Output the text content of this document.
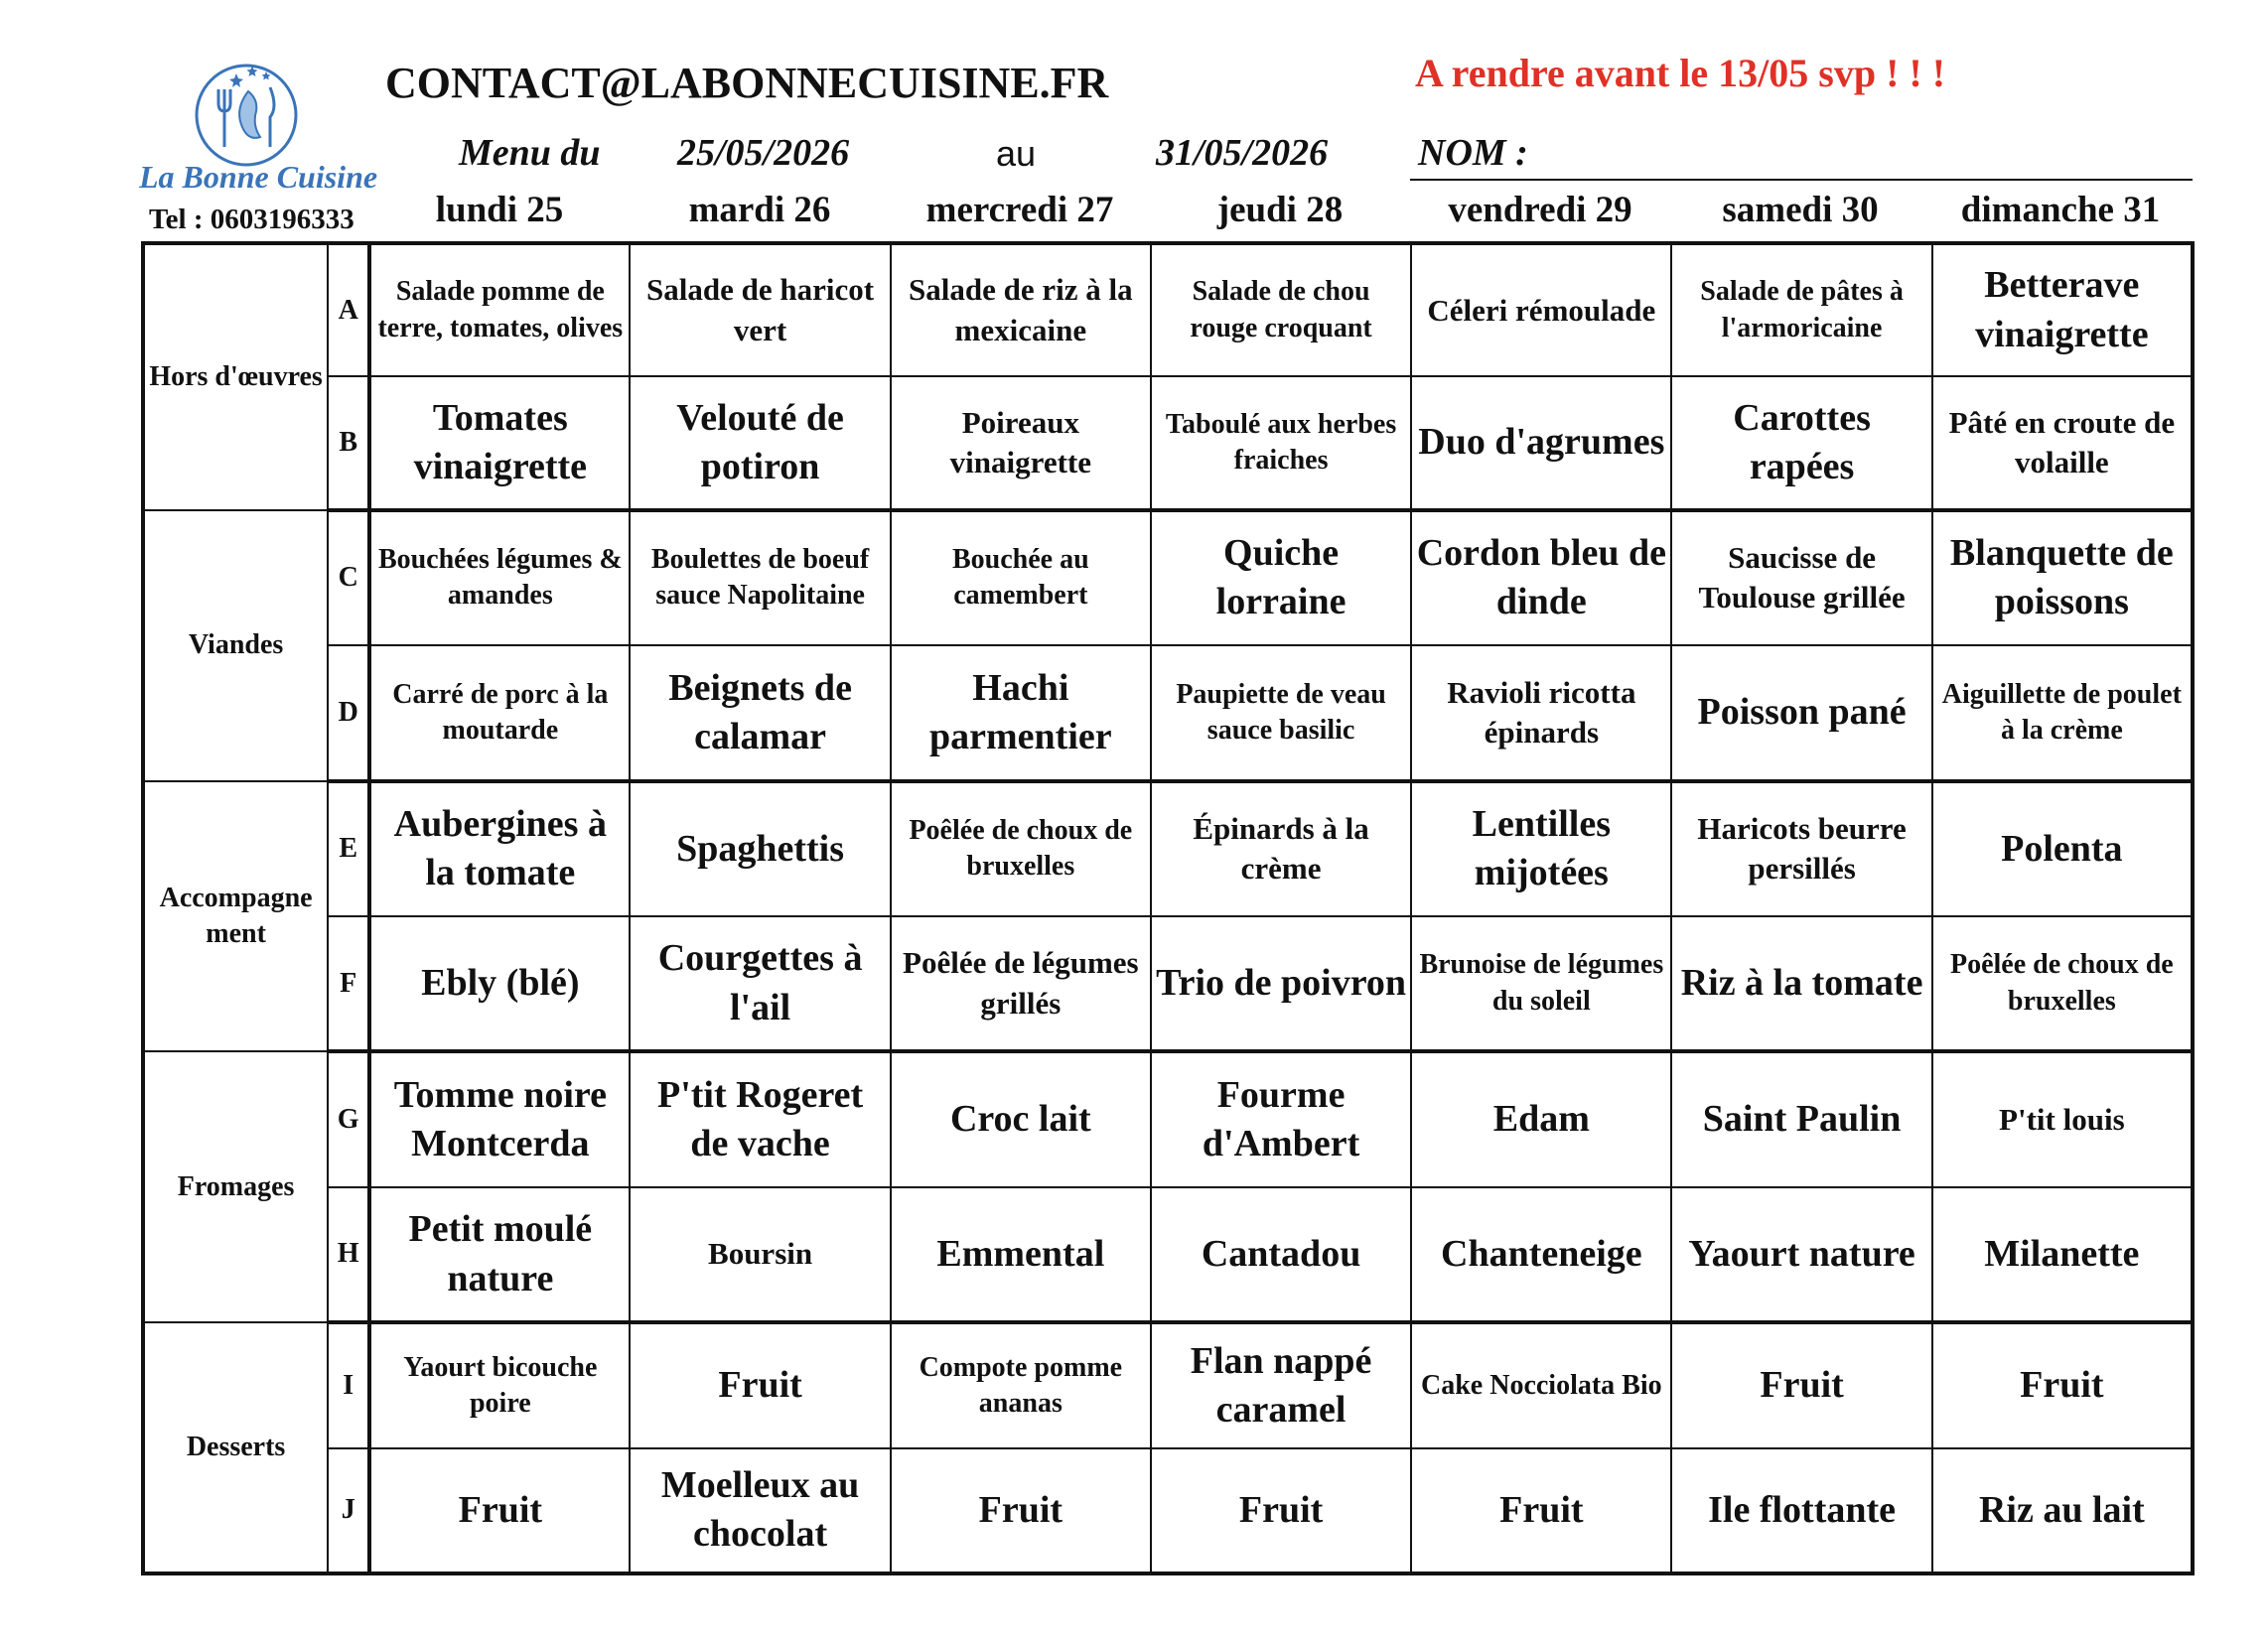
La Bonne Cuisine
Tel : 0603196333
CONTACT@LABONNECUISINE.FR	A rendre avant le 13/05 svp ! ! !
Menu du 25/05/2026	au	31/05/2026 NOM :
lundi 25	mardi 26	mercredi 27	jeudi 28	vendredi 29	samedi 30	dimanche 31
Hors d'œuvres	A	Salade pomme de terre, tomates, olives	Salade de haricot vert	Salade de riz à la mexicaine	Salade de chou rouge croquant	Céleri rémoulade	Salade de pâtes à l'armoricaine	Betterave vinaigrette
	B	Tomates vinaigrette	Velouté de potiron	Poireaux vinaigrette	Taboulé aux herbes fraiches	Duo d'agrumes	Carottes rapées	Pâté en croute de volaille
Viandes	C	Bouchées légumes & amandes	Boulettes de boeuf sauce Napolitaine	Bouchée au camembert	Quiche lorraine	Cordon bleu de dinde	Saucisse de Toulouse grillée	Blanquette de poissons
	D	Carré de porc à la moutarde	Beignets de calamar	Hachi parmentier	Paupiette de veau sauce basilic	Ravioli ricotta épinards	Poisson pané	Aiguillette de poulet à la crème
Accompagnement	E	Aubergines à la tomate	Spaghettis	Poêlée de choux de bruxelles	Épinards à la crème	Lentilles mijotées	Haricots beurre persillés	Polenta
	F	Ebly (blé)	Courgettes à l'ail	Poêlée de légumes grillés	Trio de poivron	Brunoise de légumes du soleil	Riz à la tomate	Poêlée de choux de bruxelles
Fromages	G	Tomme noire Montcerda	P'tit Rogeret de vache	Croc lait	Fourme d'Ambert	Edam	Saint Paulin	P'tit louis
	H	Petit moulé nature	Boursin	Emmental	Cantadou	Chanteneige	Yaourt nature	Milanette
Desserts	I	Yaourt bicouche poire	Fruit	Compote pomme ananas	Flan nappé caramel	Cake Nocciolata Bio	Fruit	Fruit
	J	Fruit	Moelleux au chocolat	Fruit	Fruit	Fruit	Ile flottante	Riz au lait
